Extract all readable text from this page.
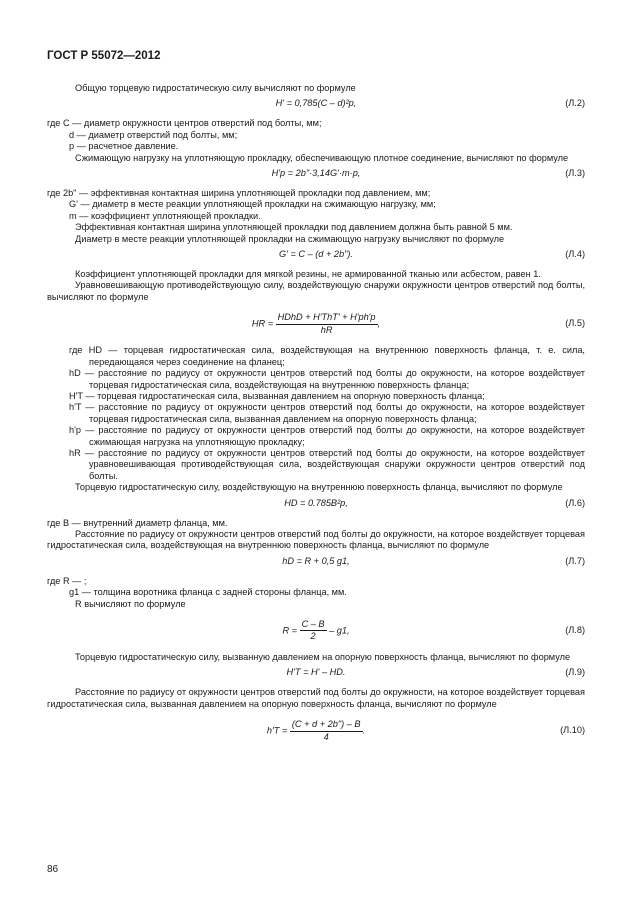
ГОСТ Р 55072—2012
Общую торцевую гидростатическую силу вычисляют по формуле
H' = 0,785(C – d)²p,	(Л.2)
где C — диаметр окружности центров отверстий под болты, мм;
d — диаметр отверстий под болты, мм;
p — расчетное давление.
Сжимающую нагрузку на уплотняющую прокладку, обеспечивающую плотное соединение, вычисляют по формуле
H'p = 2b"·3,14G'·m·p,	(Л.3)
где 2b" — эффективная контактная ширина уплотняющей прокладки под давлением, мм;
G' — диаметр в месте реакции уплотняющей прокладки на сжимающую нагрузку, мм;
m — коэффициент уплотняющей прокладки.
Эффективная контактная ширина уплотняющей прокладки под давлением должна быть равной 5 мм.
Диаметр в месте реакции уплотняющей прокладки на сжимающую нагрузку вычисляют по формуле
G' = C – (d + 2b").	(Л.4)
Коэффициент уплотняющей прокладки для мягкой резины, не армированной тканью или асбестом, равен 1.
Уравновешивающую противодействующую силу, воздействующую снаружи окружности центров отверстий под болты, вычисляют по формуле
HR = $\frac{\text{HDhD + H'ThT' + H'ph'p}}{hR}$ ,	(Л.5)
где HD — торцевая гидростатическая сила, воздействующая на внутреннюю поверхность фланца, т. е. сила, передающаяся через соединение на фланец;
hD — расстояние по радиусу от окружности центров отверстий под болты до окружности, на которое воздействует торцевая гидростатическая сила, воздействующая на внутреннюю поверхность фланца;
H'T — торцевая гидростатическая сила, вызванная давлением на опорную поверхность фланца;
h'T — расстояние по радиусу от окружности центров отверстий под болты до окружности, на которое воздействует торцевая гидростатическая сила, вызванная давлением на опорную поверхность фланца;
h'p — расстояние по радиусу от окружности центров отверстий под болты до окружности, на которое воздействует сжимающая нагрузка на уплотняющую прокладку;
hR — расстояние по радиусу от окружности центров отверстий под болты до окружности, на которое воздействует уравновешивающая противодействующая сила, воздействующая снаружи окружности центров отверстий под болты.
Торцевую гидростатическую силу, воздействующую на внутреннюю поверхность фланца, вычисляют по формуле
HD = 0.785B²p,	(Л.6)
где B — внутренний диаметр фланца, мм.
Расстояние по радиусу от окружности центров отверстий под болты до окружности, на которое воздействует торцевая гидростатическая сила, воздействующая на внутреннюю поверхность фланца, вычисляют по формуле
hD = R + 0,5 g1,	(Л.7)
где R — ;
g1 — толщина воротника фланца с задней стороны фланца, мм.
R вычисляют по формуле
$R = \frac{C - B}{2} - g1$,	(Л.8)
Торцевую гидростатическую силу, вызванную давлением на опорную поверхность фланца, вычисляют по формуле
H'T = H' – HD.	(Л.9)
Расстояние по радиусу от окружности центров отверстий под болты до окружности, на которое воздействует торцевая гидростатическая сила, вызванная давлением на опорную поверхность фланца, вычисляют по формуле
$h'T = \frac{(C + d + 2b") - B}{4}$ .	(Л.10)
86
